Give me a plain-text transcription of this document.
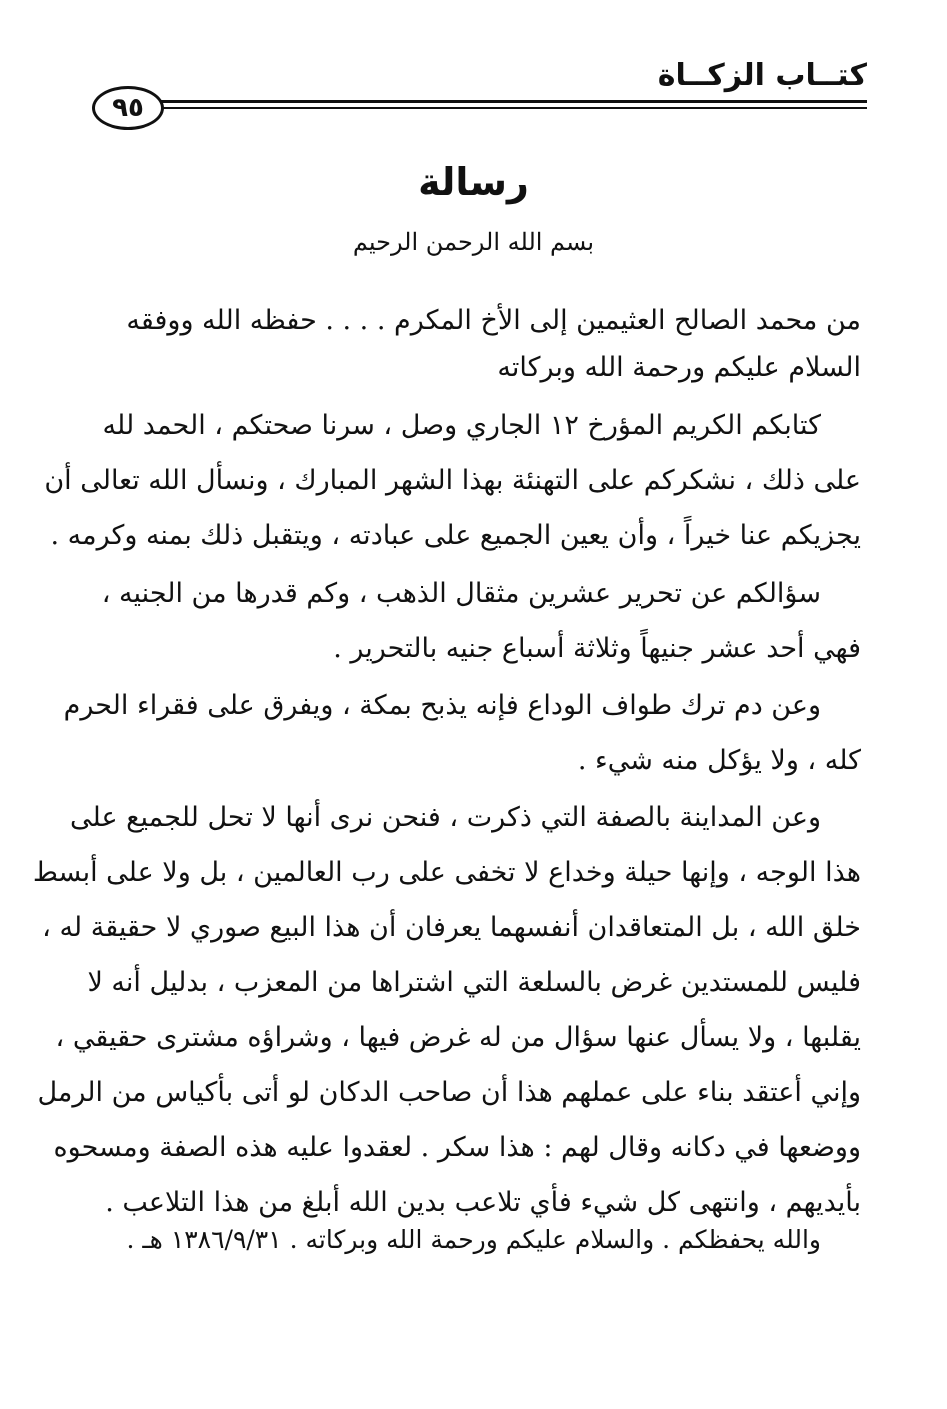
كتــاب الزكــاة
٩٥
رسالة
بسم الله الرحمن الرحيم
من محمد الصالح العثيمين إلى الأخ المكرم . . . . حفظه الله ووفقه
السلام عليكم ورحمة الله وبركاته
كتابكم الكريم المؤرخ ١٢ الجاري وصل ، سرنا صحتكم ، الحمد لله
على ذلك ، نشكركم على التهنئة بهذا الشهر المبارك ، ونسأل الله تعالى أن
يجزيكم عنا خيراً ، وأن يعين الجميع على عبادته ، ويتقبل ذلك بمنه وكرمه .
سؤالكم عن تحرير عشرين مثقال الذهب ، وكم قدرها من الجنيه ،
فهي أحد عشر جنيهاً وثلاثة أسباع جنيه بالتحرير .
وعن دم ترك طواف الوداع فإنه يذبح بمكة ، ويفرق على فقراء الحرم
كله ، ولا يؤكل منه شيء .
وعن المداينة بالصفة التي ذكرت ، فنحن نرى أنها لا تحل للجميع على
هذا الوجه ، وإنها حيلة وخداع لا تخفى على رب العالمين ، بل ولا على أبسط
خلق الله ، بل المتعاقدان أنفسهما يعرفان أن هذا البيع صوري لا حقيقة له ،
فليس للمستدين غرض بالسلعة التي اشتراها من المعزب ، بدليل أنه لا
يقلبها ، ولا يسأل عنها سؤال من له غرض فيها ، وشراؤه مشترى حقيقي ،
وإني أعتقد بناء على عملهم هذا أن صاحب الدكان لو أتى بأكياس من الرمل
ووضعها في دكانه وقال لهم : هذا سكر . لعقدوا عليه هذه الصفة ومسحوه
بأيديهم ، وانتهى كل شيء فأي تلاعب بدين الله أبلغ من هذا التلاعب .
والله يحفظكم . والسلام عليكم ورحمة الله وبركاته . ١٣٨٦/٩/٣١ هـ .
